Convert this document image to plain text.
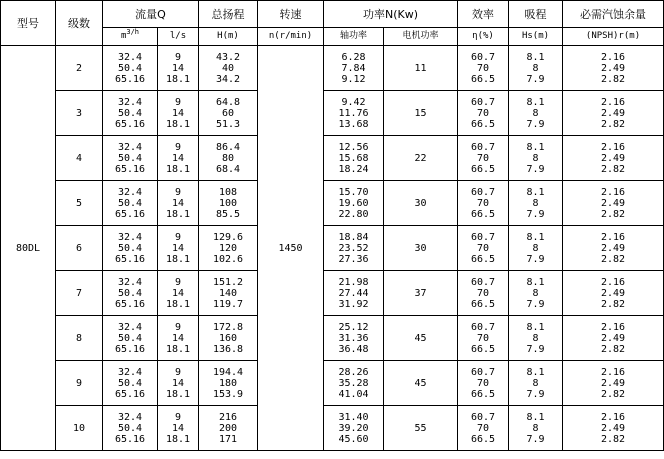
型号	级数	流量Q		总扬程	转速	功率N(Kw)		效率	吸程	必需汽蚀余量
		$m^{3/h}$	l/s	H(m)	n(r/min)	轴功率	电机功率	η(%)	Hs(m)	(NPSH)r(m)
80DL	2	32.4
50.4
65.16	9
14
18.1	43.2
40
34.2	1450	6.28
7.84
9.12	11	60.7
70
66.5	8.1
8
7.9	2.16
2.49
2.82

	3	32.4
50.4
65.16	9
14
18.1	64.8
60
51.3		9.42
11.76
13.68	15	60.7
70
66.5	8.1
8
7.9	2.16
2.49
2.82

	4	32.4
50.4
65.16	9
14
18.1	86.4
80
68.4		12.56
15.68
18.24	22	60.7
70
66.5	8.1
8
7.9	2.16
2.49
2.82

	5	32.4
50.4
65.16	9
14
18.1	108
100
85.5		15.70
19.60
22.80	30	60.7
70
66.5	8.1
8
7.9	2.16
2.49
2.82

	6	32.4
50.4
65.16	9
14
18.1	129.6
120
102.6		18.84
23.52
27.36	30	60.7
70
66.5	8.1
8
7.9	2.16
2.49
2.82

	7	32.4
50.4
65.16	9
14
18.1	151.2
140
119.7		21.98
27.44
31.92	37	60.7
70
66.5	8.1
8
7.9	2.16
2.49
2.82

	8	32.4
50.4
65.16	9
14
18.1	172.8
160
136.8		25.12
31.36
36.48	45	60.7
70
66.5	8.1
8
7.9	2.16
2.49
2.82

	9	32.4
50.4
65.16	9
14
18.1	194.4
180
153.9		28.26
35.28
41.04	45	60.7
70
66.5	8.1
8
7.9	2.16
2.49
2.82

	10	32.4
50.4
65.16	9
14
18.1	216
200
171		31.40
39.20
45.60	55	60.7
70
66.5	8.1
8
7.9	2.16
2.49
2.82
